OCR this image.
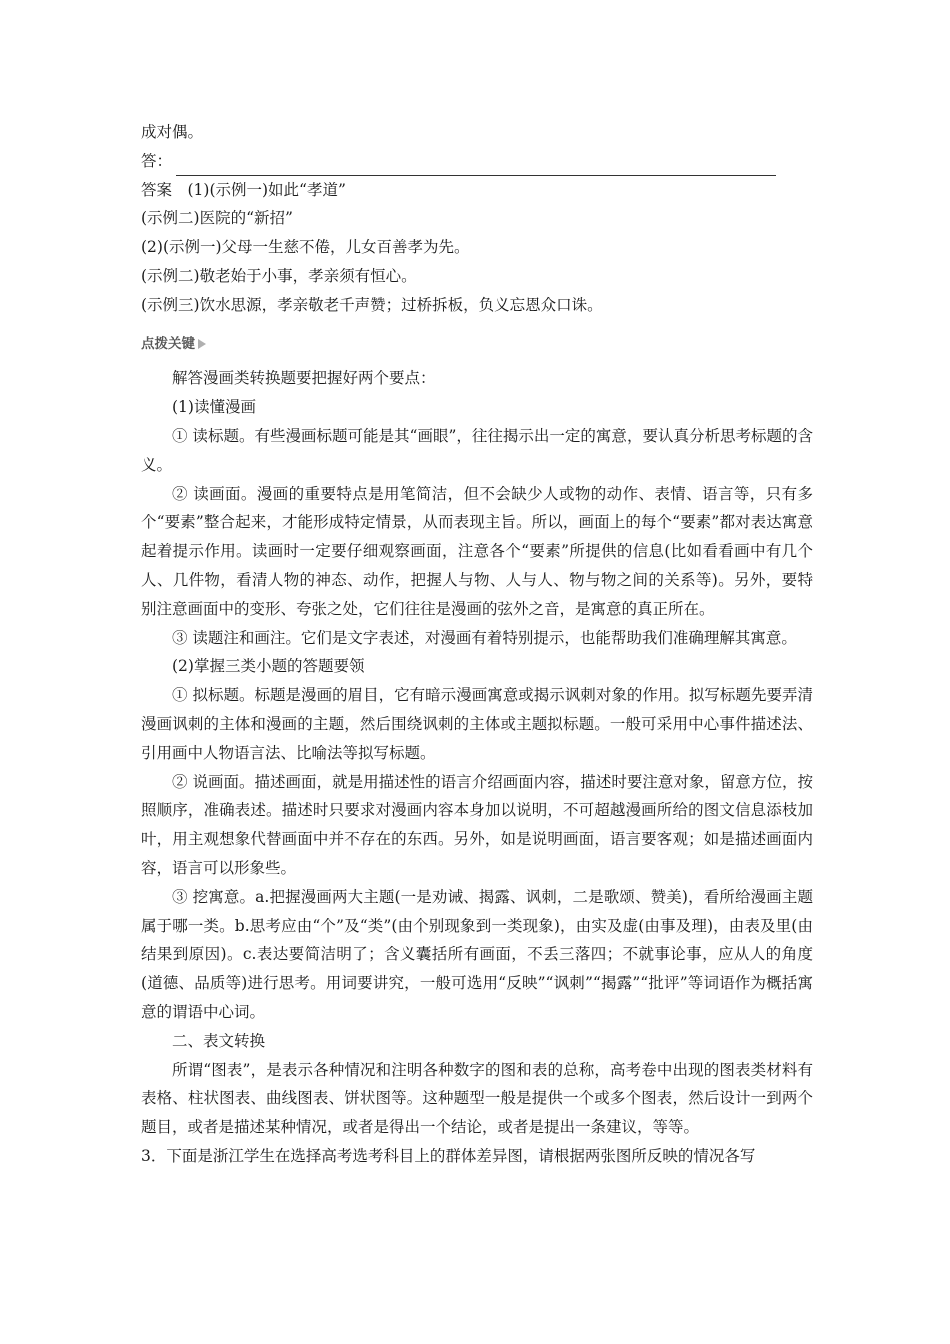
成对偶。

答：

答案　(1)(示例一)如此“孝道”

(示例二)医院的“新招”

(2)(示例一)父母一生慈不倦，儿女百善孝为先。

(示例二)敬老始于小事，孝亲须有恒心。

(示例三)饮水思源，孝亲敬老千声赞；过桥拆板，负义忘恩众口诛。

点拨关键

解答漫画类转换题要把握好两个要点：

(1)读懂漫画

① 读标题。有些漫画标题可能是其“画眼”，往往揭示出一定的寓意，要认真分析思考标题的含义。

② 读画面。漫画的重要特点是用笔简洁，但不会缺少人或物的动作、表情、语言等，只有多个“要素”整合起来，才能形成特定情景，从而表现主旨。所以，画面上的每个“要素”都对表达寓意起着提示作用。读画时一定要仔细观察画面，注意各个“要素”所提供的信息(比如看看画中有几个人、几件物，看清人物的神态、动作，把握人与物、人与人、物与物之间的关系等)。另外，要特别注意画面中的变形、夸张之处，它们往往是漫画的弦外之音，是寓意的真正所在。

③ 读题注和画注。它们是文字表述，对漫画有着特别提示，也能帮助我们准确理解其寓意。

(2)掌握三类小题的答题要领

① 拟标题。标题是漫画的眉目，它有暗示漫画寓意或揭示讽刺对象的作用。拟写标题先要弄清漫画讽刺的主体和漫画的主题，然后围绕讽刺的主体或主题拟标题。一般可采用中心事件描述法、引用画中人物语言法、比喻法等拟写标题。

② 说画面。描述画面，就是用描述性的语言介绍画面内容，描述时要注意对象，留意方位，按照顺序，准确表述。描述时只要求对漫画内容本身加以说明，不可超越漫画所给的图文信息添枝加叶，用主观想象代替画面中并不存在的东西。另外，如是说明画面，语言要客观；如是描述画面内容，语言可以形象些。

③ 挖寓意。a.把握漫画两大主题(一是劝诫、揭露、讽刺，二是歌颂、赞美)，看所给漫画主题属于哪一类。b.思考应由“个”及“类”(由个别现象到一类现象)，由实及虚(由事及理)，由表及里(由结果到原因)。c.表达要简洁明了；含义囊括所有画面，不丢三落四；不就事论事，应从人的角度(道德、品质等)进行思考。用词要讲究，一般可选用“反映”“讽刺”“揭露”“批评”等词语作为概括寓意的谓语中心词。

二、表文转换

所谓“图表”，是表示各种情况和注明各种数字的图和表的总称，高考卷中出现的图表类材料有表格、柱状图表、曲线图表、饼状图等。这种题型一般是提供一个或多个图表，然后设计一到两个题目，或者是描述某种情况，或者是得出一个结论，或者是提出一条建议，等等。

3．下面是浙江学生在选择高考选考科目上的群体差异图，请根据两张图所反映的情况各写
